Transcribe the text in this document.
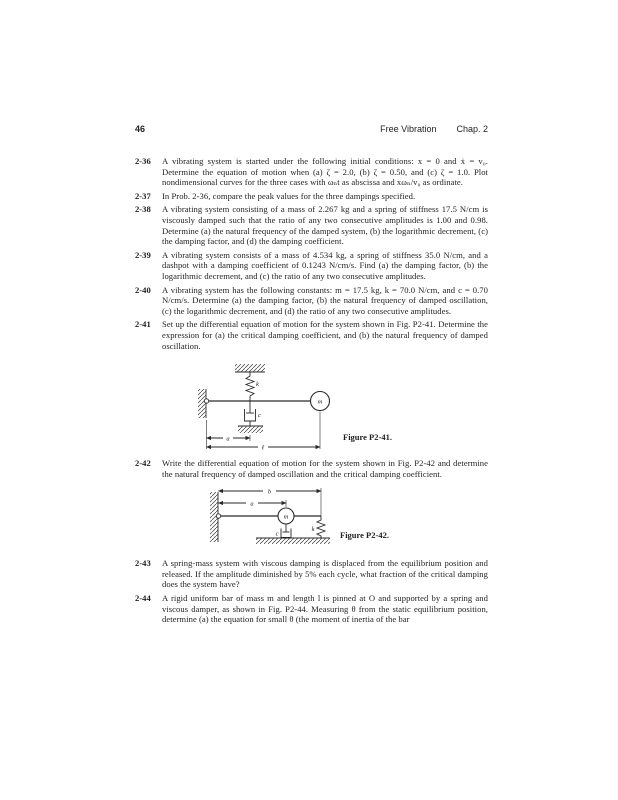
46	Free Vibration Chap. 2
2-36	A vibrating system is started under the following initial conditions: x = 0 and ẋ = v₀. Determine the equation of motion when (a) ζ = 2.0, (b) ζ = 0.50, and (c) ζ = 1.0. Plot nondimensional curves for the three cases with ωₙt as abscissa and xωₙ/v₀ as ordinate.
2-37	In Prob. 2-36, compare the peak values for the three dampings specified.
2-38	A vibrating system consisting of a mass of 2.267 kg and a spring of stiffness 17.5 N/cm is viscously damped such that the ratio of any two consecutive amplitudes is 1.00 and 0.98. Determine (a) the natural frequency of the damped system, (b) the logarithmic decrement, (c) the damping factor, and (d) the damping coefficient.
2-39	A vibrating system consists of a mass of 4.534 kg, a spring of stiffness 35.0 N/cm, and a dashpot with a damping coefficient of 0.1243 N/cm/s. Find (a) the damping factor, (b) the logarithmic decrement, and (c) the ratio of any two consecutive amplitudes.
2-40	A vibrating system has the following constants: m = 17.5 kg, k = 70.0 N/cm, and c = 0.70 N/cm/s. Determine (a) the damping factor, (b) the natural frequency of damped oscillation, (c) the logarithmic decrement, and (d) the ratio of any two consecutive amplitudes.
2-41	Set up the differential equation of motion for the system shown in Fig. P2-41. Determine the expression for (a) the critical damping coefficient, and (b) the natural frequency of damped oscillation.
k
c
m
a
ℓ
Figure P2-41.
2-42	Write the differential equation of motion for the system shown in Fig. P2-42 and determine the natural frequency of damped oscillation and the critical damping coefficient.
m
c
k
b
a
Figure P2-42.
2-43	A spring-mass system with viscous damping is displaced from the equilibrium position and released. If the amplitude diminished by 5% each cycle, what fraction of the critical damping does the system have?
2-44	A rigid uniform bar of mass m and length l is pinned at O and supported by a spring and viscous damper, as shown in Fig. P2-44. Measuring θ from the static equilibrium position, determine (a) the equation for small θ (the moment of inertia of the bar
